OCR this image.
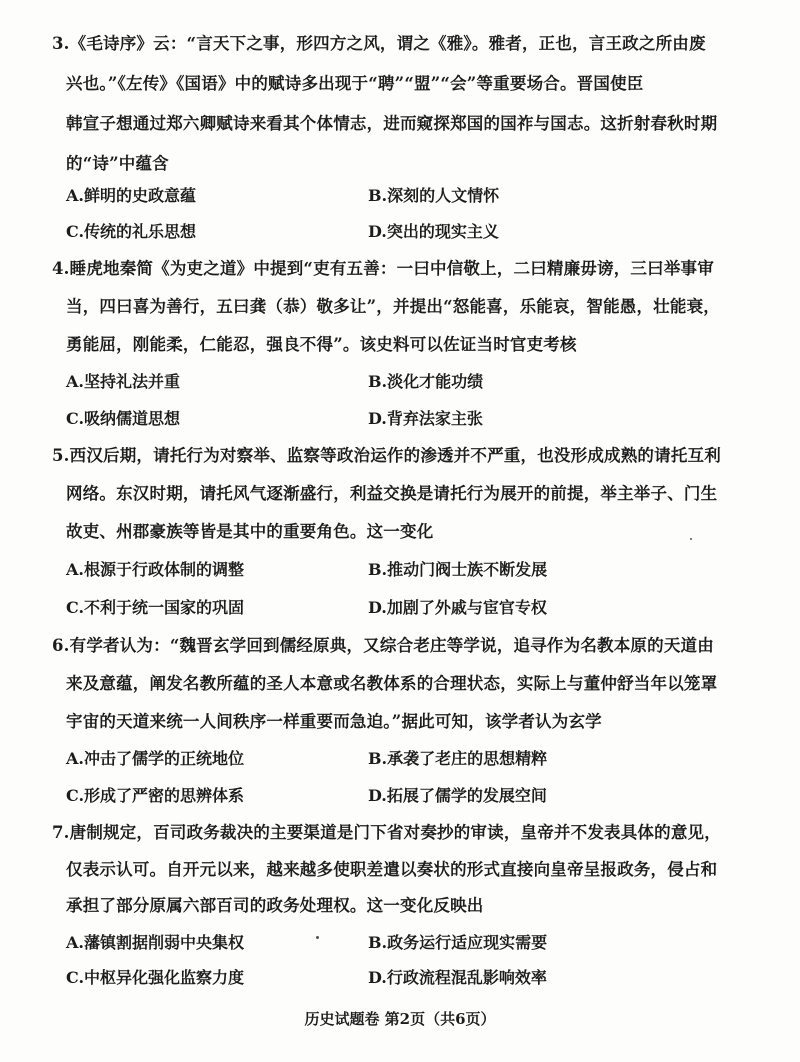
3.《毛诗序》云：“言天下之事，形四方之风，谓之《雅》。雅者，正也，言王政之所由废
兴也。”《左传》《国语》中的赋诗多出现于“聘”“盟”“会”等重要场合。晋国使臣
韩宣子想通过郑六卿赋诗来看其个体情志，进而窥探郑国的国祚与国志。这折射春秋时期
的“诗”中蕴含
A.鲜明的史政意蕴	B.深刻的人文情怀
C.传统的礼乐思想	D.突出的现实主义
4.睡虎地秦简《为吏之道》中提到“吏有五善：一曰中信敬上，二曰精廉毋谤，三曰举事审
当，四曰喜为善行，五曰龚（恭）敬多让”，并提出“怒能喜，乐能哀，智能愚，壮能衰，
勇能屈，刚能柔，仁能忍，强良不得”。该史料可以佐证当时官吏考核
A.坚持礼法并重	B.淡化才能功绩
C.吸纳儒道思想	D.背弃法家主张
5.西汉后期，请托行为对察举、监察等政治运作的渗透并不严重，也没形成成熟的请托互利
网络。东汉时期，请托风气逐渐盛行，利益交换是请托行为展开的前提，举主举子、门生
故吏、州郡豪族等皆是其中的重要角色。这一变化
A.根源于行政体制的调整	B.推动门阀士族不断发展
C.不利于统一国家的巩固	D.加剧了外戚与宦官专权
6.有学者认为：“魏晋玄学回到儒经原典，又综合老庄等学说，追寻作为名教本原的天道由
来及意蕴，阐发名教所蕴的圣人本意或名教体系的合理状态，实际上与董仲舒当年以笼罩
宇宙的天道来统一人间秩序一样重要而急迫。”据此可知，该学者认为玄学
A.冲击了儒学的正统地位	B.承袭了老庄的思想精粹
C.形成了严密的思辨体系	D.拓展了儒学的发展空间
7.唐制规定，百司政务裁决的主要渠道是门下省对奏抄的审读，皇帝并不发表具体的意见，
仅表示认可。自开元以来，越来越多使职差遣以奏状的形式直接向皇帝呈报政务，侵占和
承担了部分原属六部百司的政务处理权。这一变化反映出
A.藩镇割据削弱中央集权	B.政务运行适应现实需要
C.中枢异化强化监察力度	D.行政流程混乱影响效率
历史试题卷 第2页（共6页）
